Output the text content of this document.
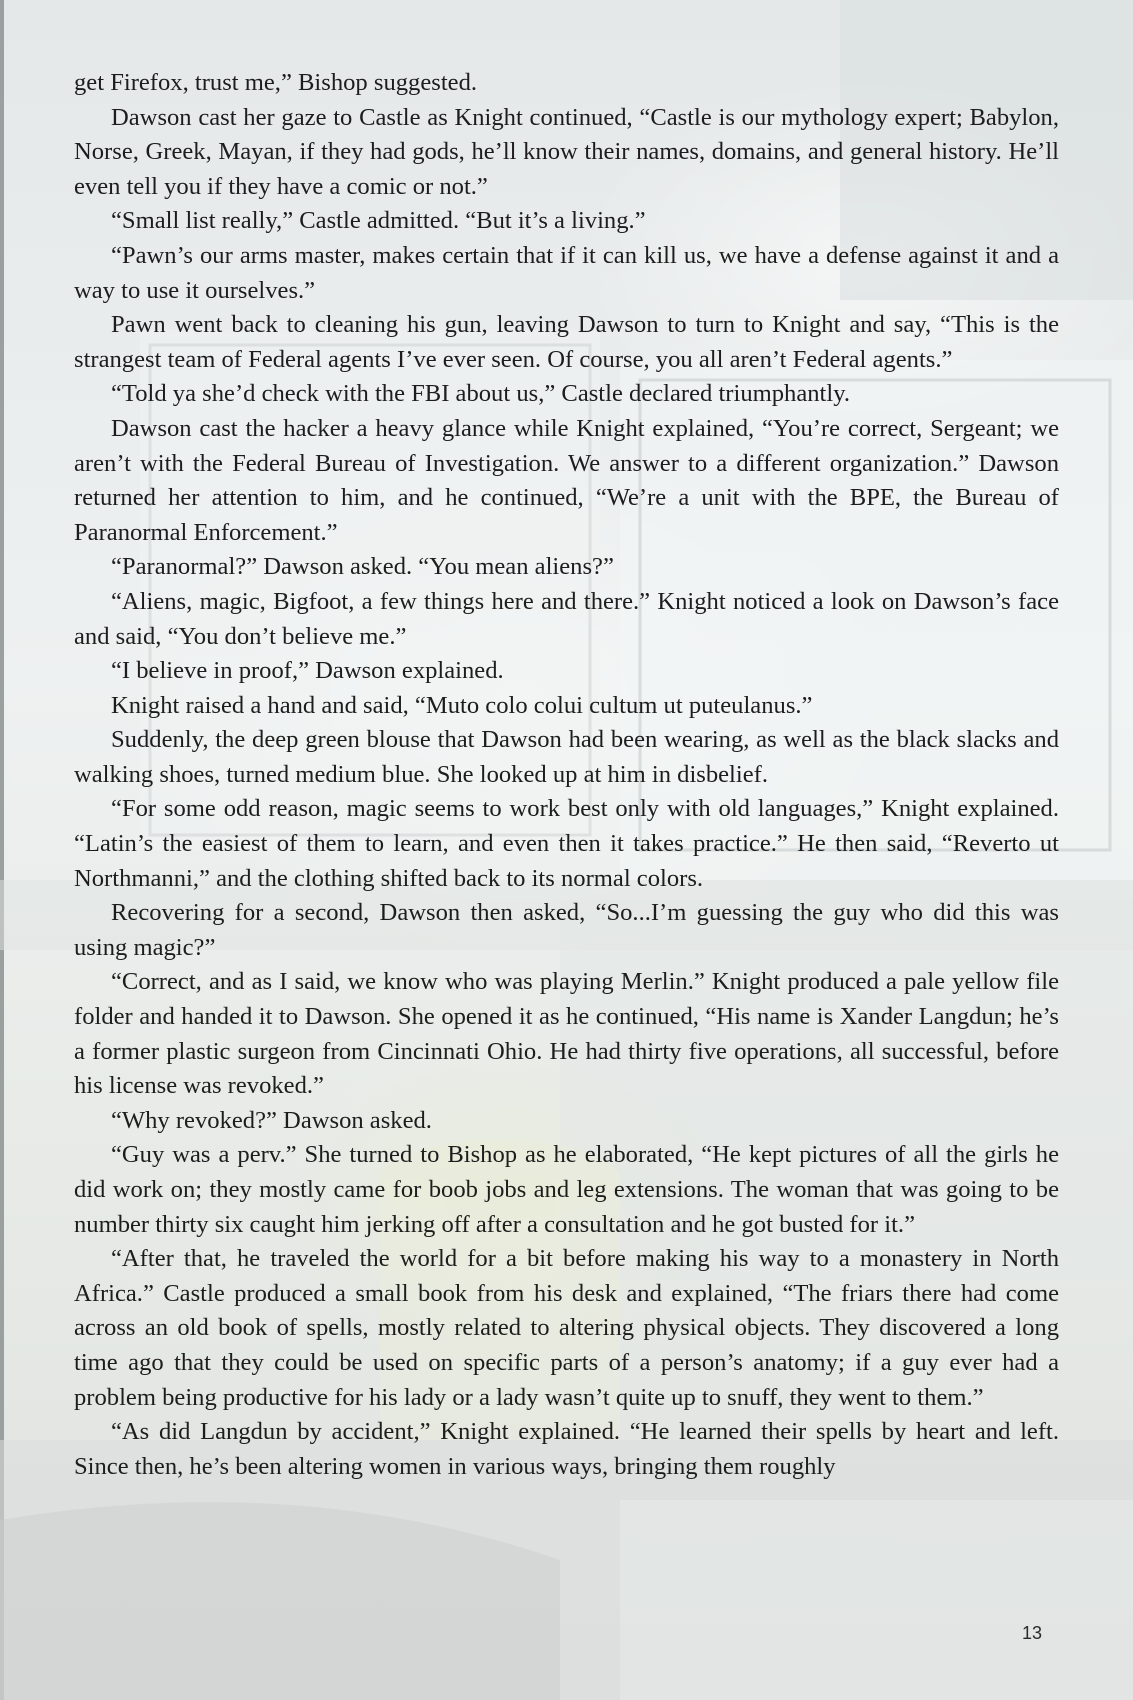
get Firefox, trust me,” Bishop suggested.

Dawson cast her gaze to Castle as Knight continued, “Castle is our mythology expert; Babylon, Norse, Greek, Mayan, if they had gods, he’ll know their names, domains, and general history. He’ll even tell you if they have a comic or not.”

“Small list really,” Castle admitted. “But it’s a living.”

“Pawn’s our arms master, makes certain that if it can kill us, we have a defense against it and a way to use it ourselves.”

Pawn went back to cleaning his gun, leaving Dawson to turn to Knight and say, “This is the strangest team of Federal agents I’ve ever seen. Of course, you all aren’t Federal agents.”

“Told ya she’d check with the FBI about us,” Castle declared triumphantly.

Dawson cast the hacker a heavy glance while Knight explained, “You’re correct, Sergeant; we aren’t with the Federal Bureau of Investigation. We answer to a different organization.” Dawson returned her attention to him, and he continued, “We’re a unit with the BPE, the Bureau of Paranormal Enforcement.”

“Paranormal?” Dawson asked. “You mean aliens?”

“Aliens, magic, Bigfoot, a few things here and there.” Knight noticed a look on Dawson’s face and said, “You don’t believe me.”

“I believe in proof,” Dawson explained.

Knight raised a hand and said, “Muto colo colui cultum ut puteulanus.”

Suddenly, the deep green blouse that Dawson had been wearing, as well as the black slacks and walking shoes, turned medium blue. She looked up at him in disbelief.

“For some odd reason, magic seems to work best only with old languages,” Knight explained. “Latin’s the easiest of them to learn, and even then it takes practice.” He then said, “Reverto ut Northmanni,” and the clothing shifted back to its normal colors.

Recovering for a second, Dawson then asked, “So...I’m guessing the guy who did this was using magic?”

“Correct, and as I said, we know who was playing Merlin.” Knight produced a pale yellow file folder and handed it to Dawson. She opened it as he continued, “His name is Xander Langdun; he’s a former plastic surgeon from Cincinnati Ohio. He had thirty five operations, all successful, before his license was revoked.”

“Why revoked?” Dawson asked.

“Guy was a perv.” She turned to Bishop as he elaborated, “He kept pictures of all the girls he did work on; they mostly came for boob jobs and leg extensions. The woman that was going to be number thirty six caught him jerking off after a consultation and he got busted for it.”

“After that, he traveled the world for a bit before making his way to a monastery in North Africa.” Castle produced a small book from his desk and explained, “The friars there had come across an old book of spells, mostly related to altering physical objects. They discovered a long time ago that they could be used on specific parts of a person’s anatomy; if a guy ever had a problem being productive for his lady or a lady wasn’t quite up to snuff, they went to them.”

“As did Langdun by accident,” Knight explained. “He learned their spells by heart and left. Since then, he’s been altering women in various ways, bringing them roughly

13
